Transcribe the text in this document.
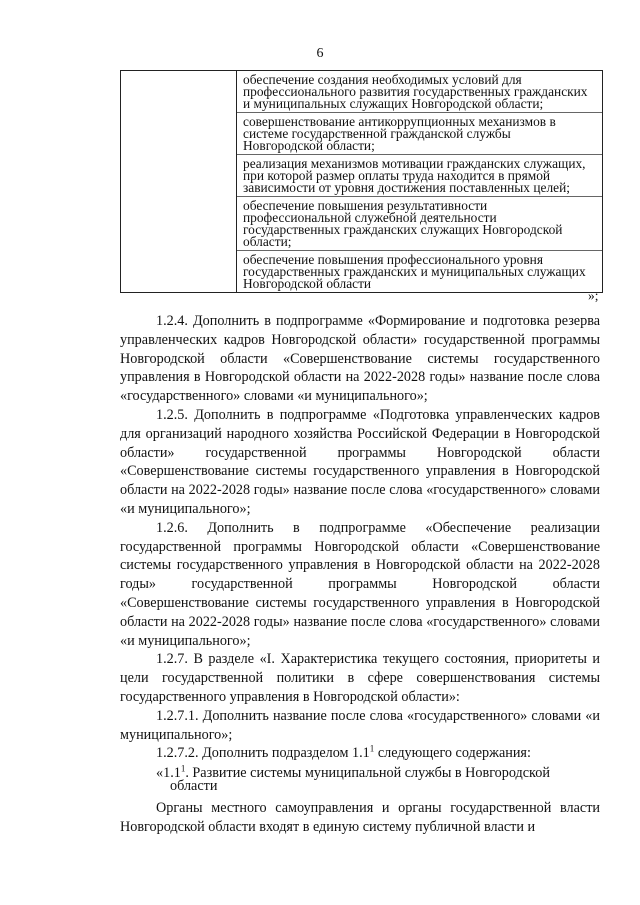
6

обеспечение создания необходимых условий для профессионального развития государственных гражданских и муниципальных служащих Новгородской области;
совершенствование антикоррупционных механизмов в системе государственной гражданской службы Новгородской области;
реализация механизмов мотивации гражданских служащих, при которой размер оплаты труда находится в прямой зависимости от уровня достижения поставленных целей;
обеспечение повышения результативности профессиональной служебной деятельности государственных гражданских служащих Новгородской области;
обеспечение повышения профессионального уровня государственных гражданских и муниципальных служащих Новгородской области
»;

1.2.4. Дополнить в подпрограмме «Формирование и подготовка резерва управленческих кадров Новгородской области» государственной программы Новгородской области «Совершенствование системы государственного управления в Новгородской области на 2022-2028 годы» название после слова «государственного» словами «и муниципального»;

1.2.5. Дополнить в подпрограмме «Подготовка управленческих кадров для организаций народного хозяйства Российской Федерации в Новгородской области» государственной программы Новгородской области «Совершенствование системы государственного управления в Новгородской области на 2022-2028 годы» название после слова «государственного» словами «и муниципального»;

1.2.6. Дополнить в подпрограмме «Обеспечение реализации государственной программы Новгородской области «Совершенствование системы государственного управления в Новгородской области на 2022-2028 годы» государственной программы Новгородской области «Совершенствование системы государственного управления в Новгородской области на 2022-2028 годы» название после слова «государственного» словами «и муниципального»;

1.2.7. В разделе «I. Характеристика текущего состояния, приоритеты и цели государственной политики в сфере совершенствования системы государственного управления в Новгородской области»:

1.2.7.1. Дополнить название после слова «государственного» словами «и муниципального»;

1.2.7.2. Дополнить подразделом $1.1^1$ следующего содержания:

«$1.1^1$. Развитие системы муниципальной службы в Новгородской
области

Органы местного самоуправления и органы государственной власти Новгородской области входят в единую систему публичной власти и
